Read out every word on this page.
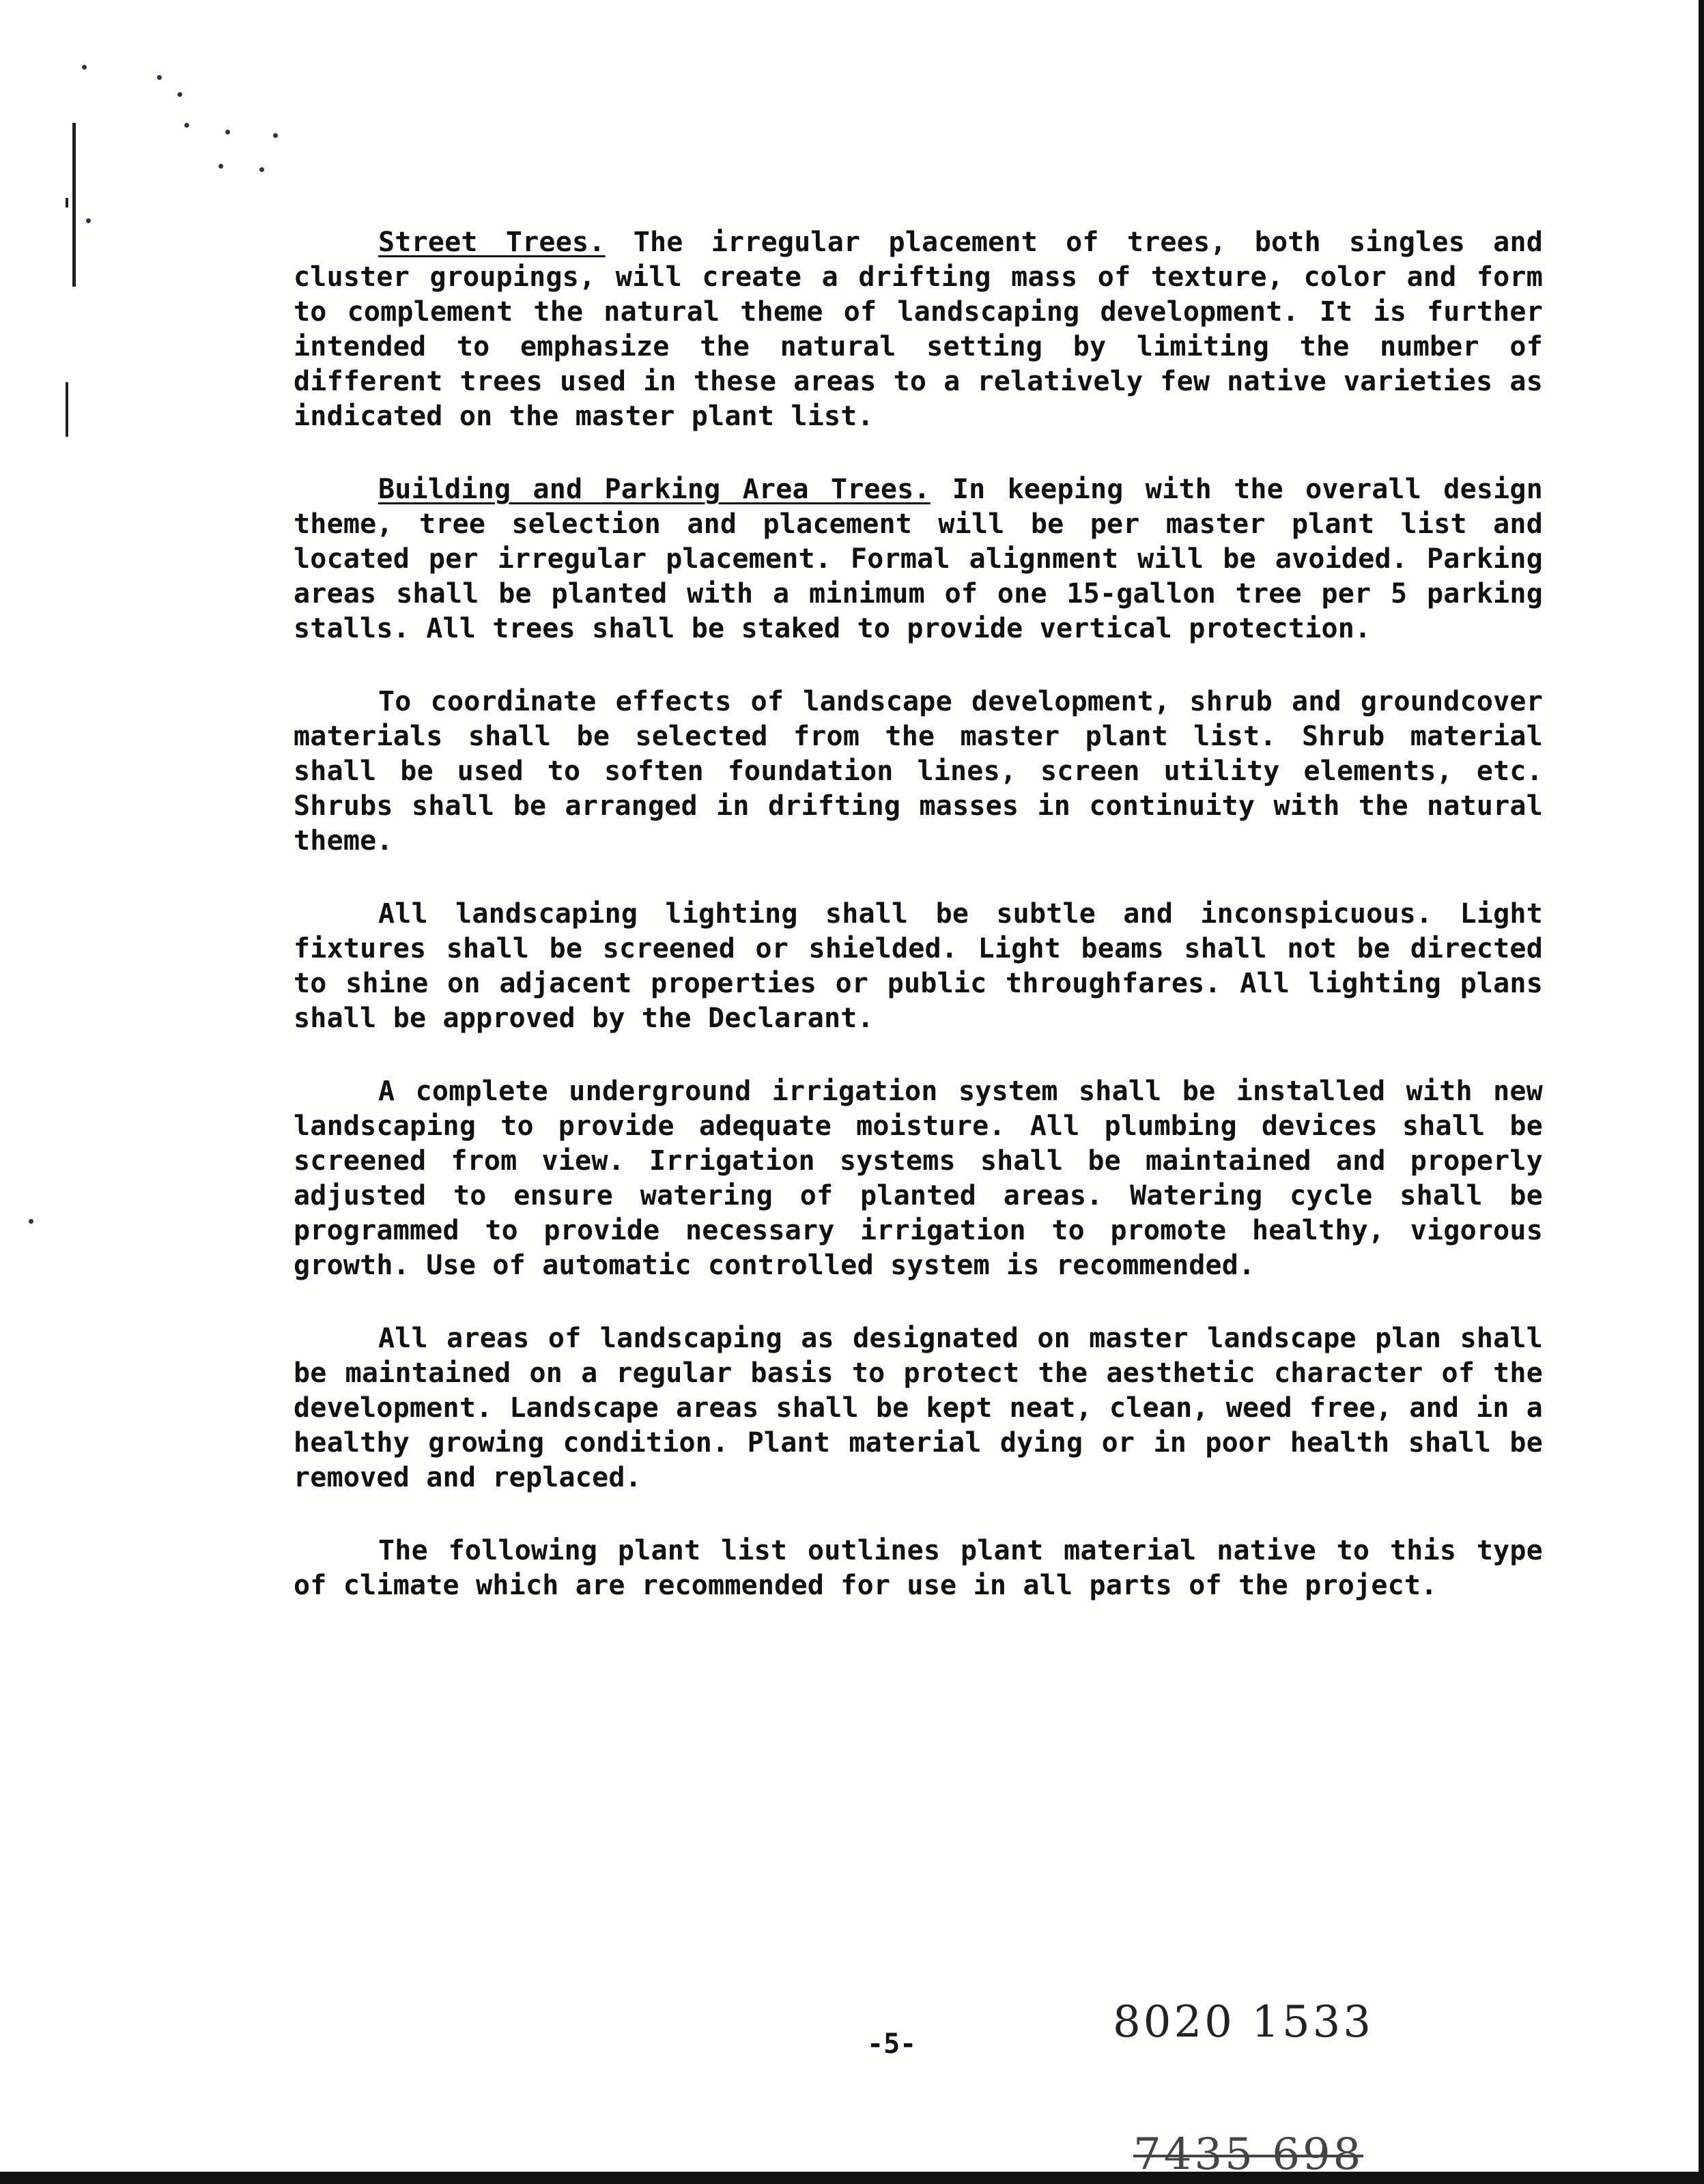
Street Trees. The irregular placement of trees, both singles and cluster groupings, will create a drifting mass of texture, color and form to complement the natural theme of landscaping development. It is further intended to emphasize the natural setting by limiting the number of different trees used in these areas to a relatively few native varieties as indicated on the master plant list.

Building and Parking Area Trees. In keeping with the overall design theme, tree selection and placement will be per master plant list and located per irregular placement. Formal alignment will be avoided. Parking areas shall be planted with a minimum of one 15-gallon tree per 5 parking stalls. All trees shall be staked to provide vertical protection.

To coordinate effects of landscape development, shrub and groundcover materials shall be selected from the master plant list. Shrub material shall be used to soften foundation lines, screen utility elements, etc. Shrubs shall be arranged in drifting masses in continuity with the natural theme.

All landscaping lighting shall be subtle and inconspicuous. Light fixtures shall be screened or shielded. Light beams shall not be directed to shine on adjacent properties or public throughfares. All lighting plans shall be approved by the Declarant.

A complete underground irrigation system shall be installed with new landscaping to provide adequate moisture. All plumbing devices shall be screened from view. Irrigation systems shall be maintained and properly adjusted to ensure watering of planted areas. Watering cycle shall be programmed to provide necessary irrigation to promote healthy, vigorous growth. Use of automatic controlled system is recommended.

All areas of landscaping as designated on master landscape plan shall be maintained on a regular basis to protect the aesthetic character of the development. Landscape areas shall be kept neat, clean, weed free, and in a healthy growing condition. Plant material dying or in poor health shall be removed and replaced.

The following plant list outlines plant material native to this type of climate which are recommended for use in all parts of the project.

-5-	8020 1533
7435 698
